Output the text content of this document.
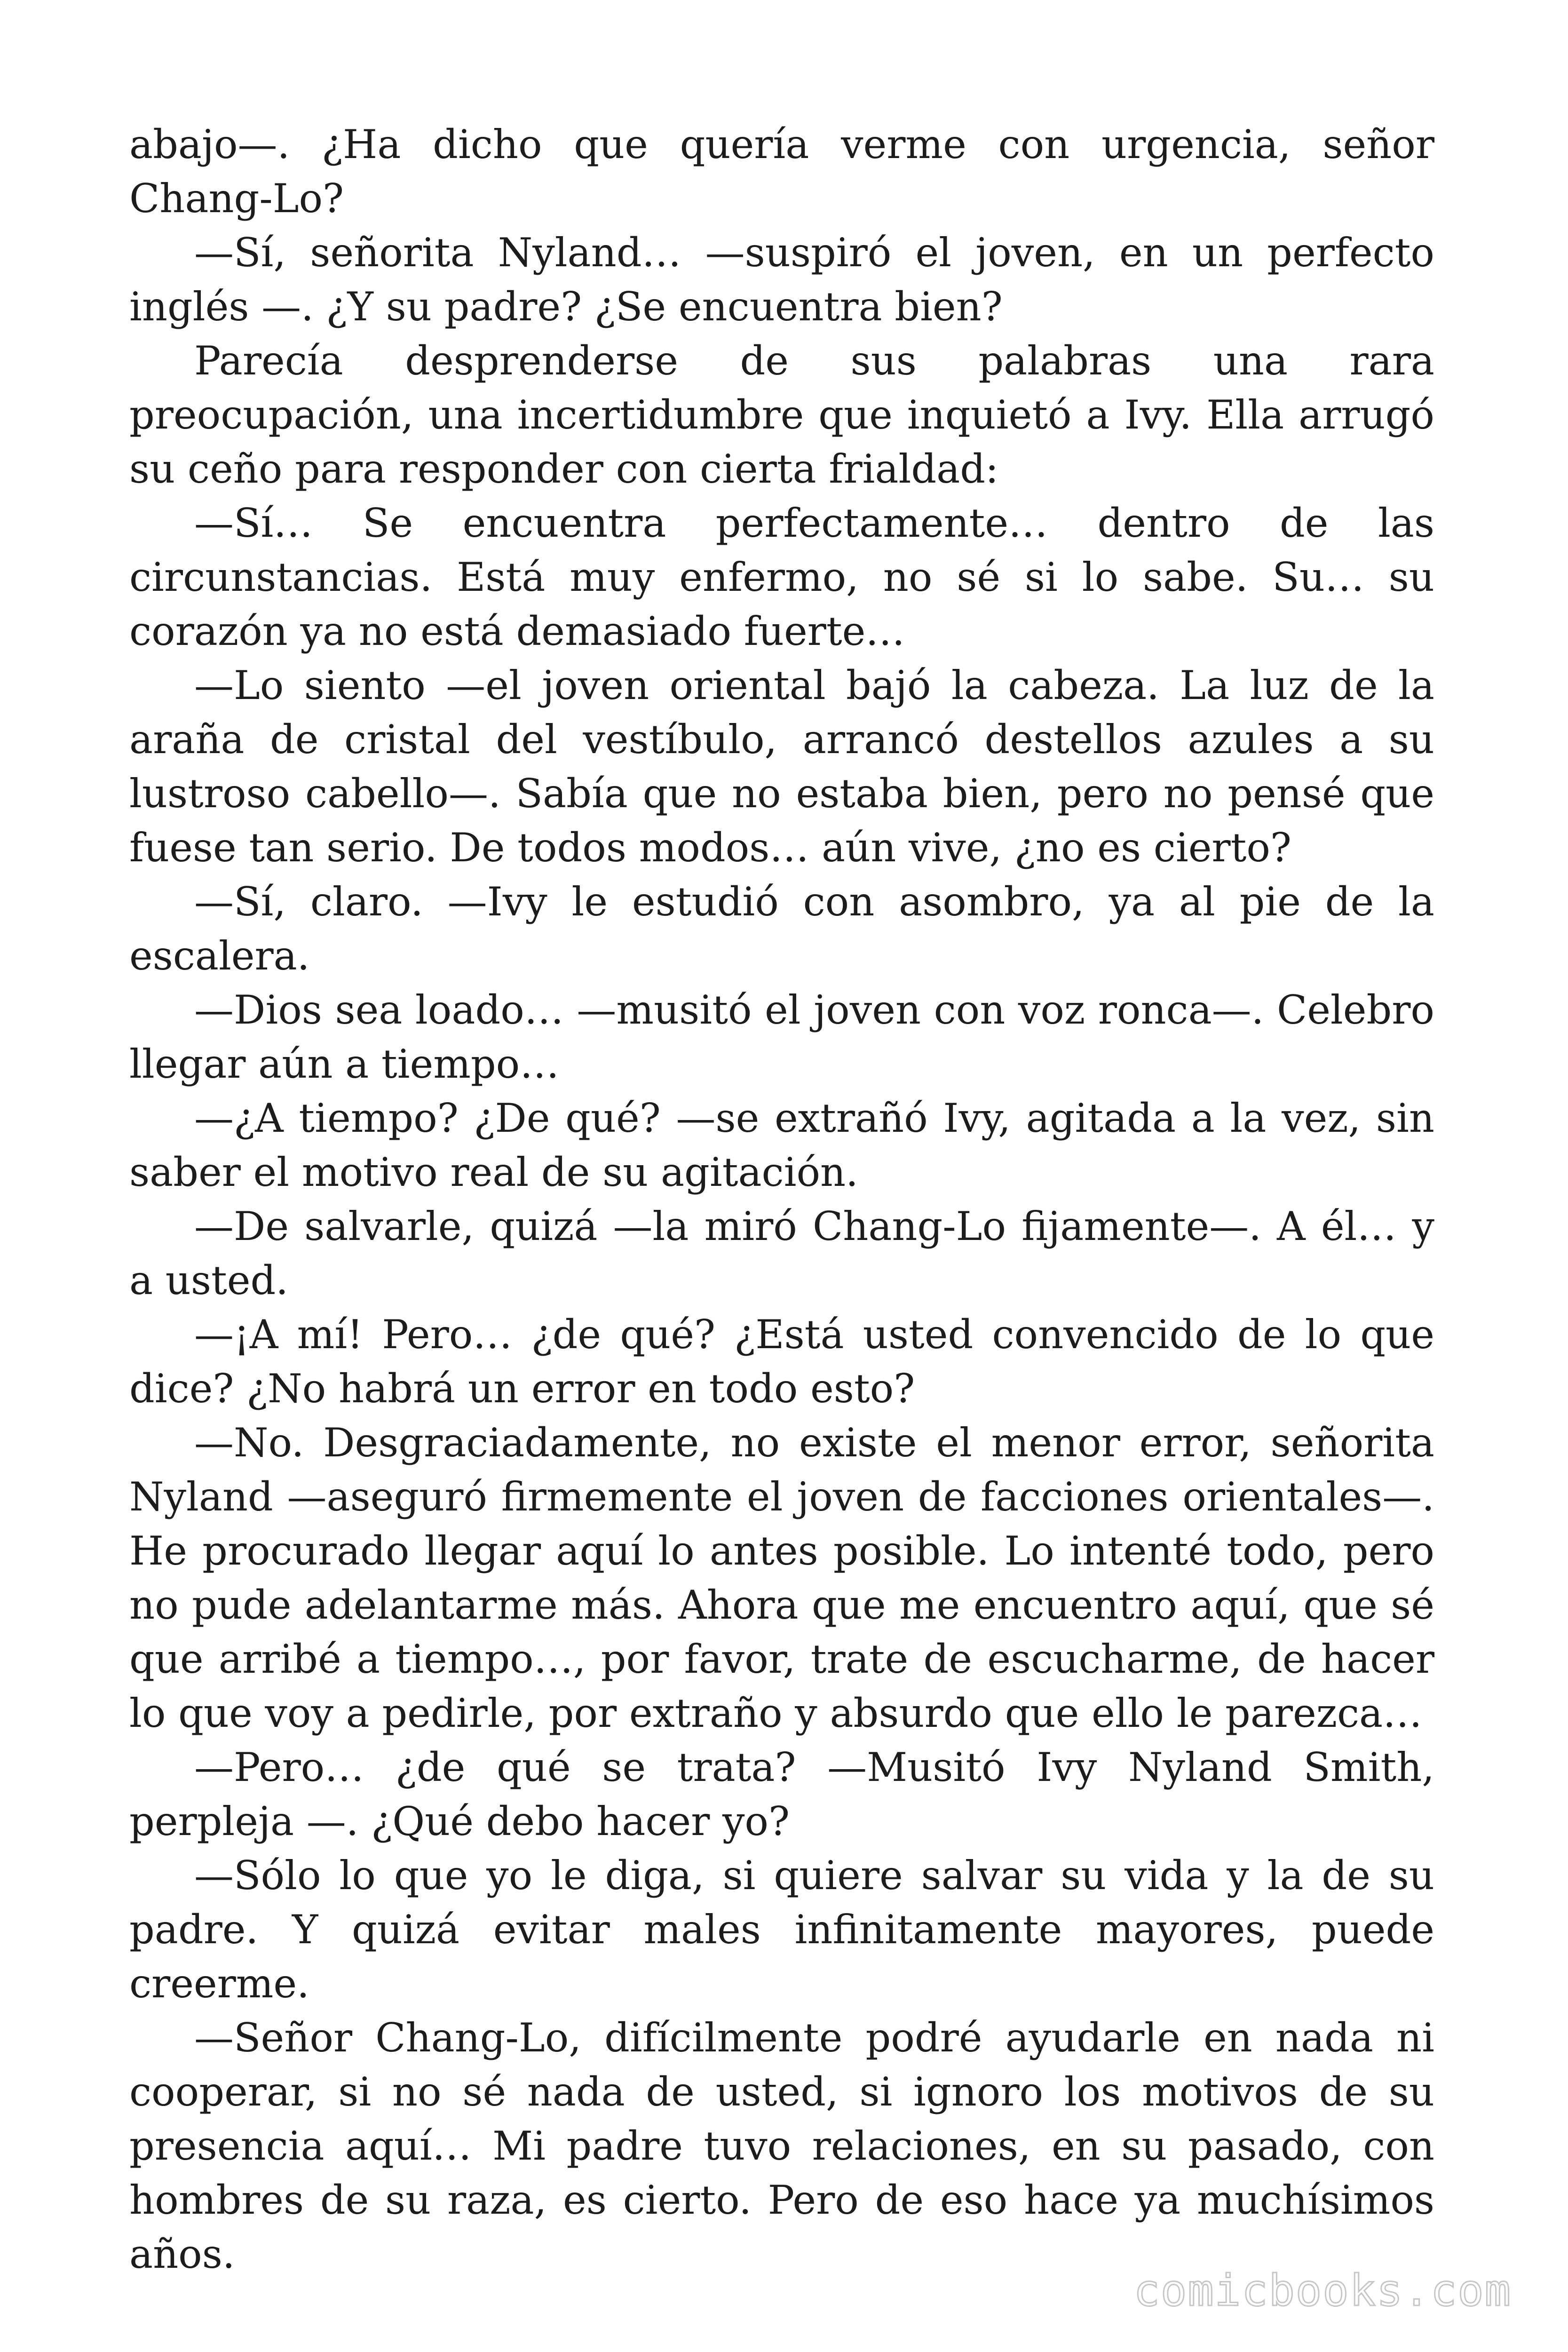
abajo—. ¿Ha dicho que quería verme con urgencia, señor Chang-Lo?

—Sí, señorita Nyland… —suspiró el joven, en un perfecto inglés —. ¿Y su padre? ¿Se encuentra bien?

Parecía desprenderse de sus palabras una rara preocupación, una incertidumbre que inquietó a Ivy. Ella arrugó su ceño para responder con cierta frialdad:

—Sí… Se encuentra perfectamente… dentro de las circunstancias. Está muy enfermo, no sé si lo sabe. Su… su corazón ya no está demasiado fuerte…

—Lo siento —el joven oriental bajó la cabeza. La luz de la araña de cristal del vestíbulo, arrancó destellos azules a su lustroso cabello—. Sabía que no estaba bien, pero no pensé que fuese tan serio. De todos modos… aún vive, ¿no es cierto?

—Sí, claro. —Ivy le estudió con asombro, ya al pie de la escalera.

—Dios sea loado… —musitó el joven con voz ronca—. Celebro llegar aún a tiempo…

—¿A tiempo? ¿De qué? —se extrañó Ivy, agitada a la vez, sin saber el motivo real de su agitación.

—De salvarle, quizá —la miró Chang-Lo fijamente—. A él… y a usted.

—¡A mí! Pero… ¿de qué? ¿Está usted convencido de lo que dice? ¿No habrá un error en todo esto?

—No. Desgraciadamente, no existe el menor error, señorita Nyland —aseguró firmemente el joven de facciones orientales—. He procurado llegar aquí lo antes posible. Lo intenté todo, pero no pude adelantarme más. Ahora que me encuentro aquí, que sé que arribé a tiempo…, por favor, trate de escucharme, de hacer lo que voy a pedirle, por extraño y absurdo que ello le parezca…

—Pero… ¿de qué se trata? —Musitó Ivy Nyland Smith, perpleja —. ¿Qué debo hacer yo?

—Sólo lo que yo le diga, si quiere salvar su vida y la de su padre. Y quizá evitar males infinitamente mayores, puede creerme.

—Señor Chang-Lo, difícilmente podré ayudarle en nada ni cooperar, si no sé nada de usted, si ignoro los motivos de su presencia aquí… Mi padre tuvo relaciones, en su pasado, con hombres de su raza, es cierto. Pero de eso hace ya muchísimos años.

comicbooks.com
